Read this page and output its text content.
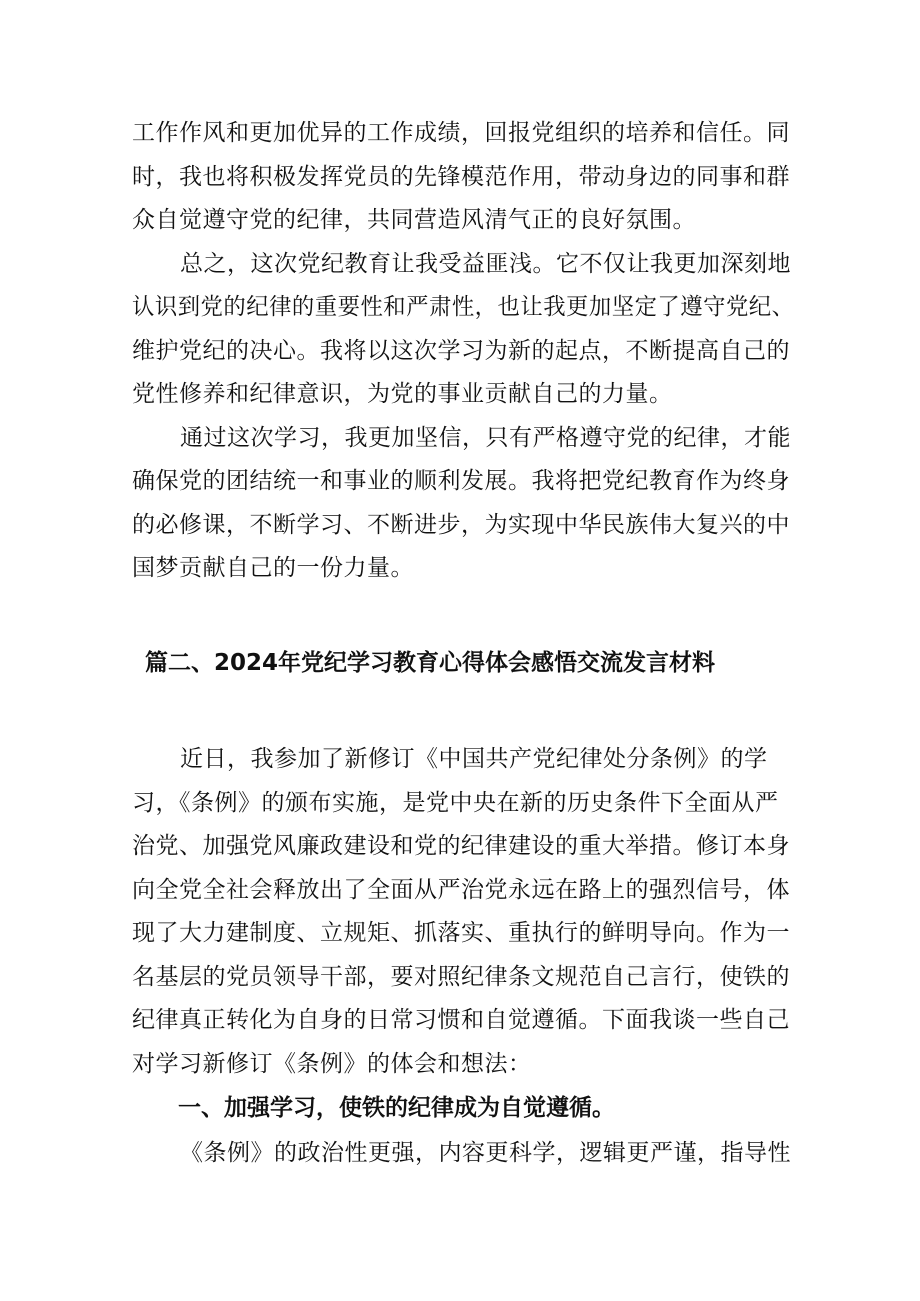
工作作风和更加优异的工作成绩，回报党组织的培养和信任。同
时，我也将积极发挥党员的先锋模范作用，带动身边的同事和群
众自觉遵守党的纪律，共同营造风清气正的良好氛围。
总之，这次党纪教育让我受益匪浅。它不仅让我更加深刻地
认识到党的纪律的重要性和严肃性，也让我更加坚定了遵守党纪、
维护党纪的决心。我将以这次学习为新的起点，不断提高自己的
党性修养和纪律意识，为党的事业贡献自己的力量。
通过这次学习，我更加坚信，只有严格遵守党的纪律，才能
确保党的团结统一和事业的顺利发展。我将把党纪教育作为终身
的必修课，不断学习、不断进步，为实现中华民族伟大复兴的中
国梦贡献自己的一份力量。
篇二、2024年党纪学习教育心得体会感悟交流发言材料
近日，我参加了新修订《中国共产党纪律处分条例》的学
习，《条例》的颁布实施，是党中央在新的历史条件下全面从严
治党、加强党风廉政建设和党的纪律建设的重大举措。修订本身
向全党全社会释放出了全面从严治党永远在路上的强烈信号，体
现了大力建制度、立规矩、抓落实、重执行的鲜明导向。作为一
名基层的党员领导干部，要对照纪律条文规范自己言行，使铁的
纪律真正转化为自身的日常习惯和自觉遵循。下面我谈一些自己
对学习新修订《条例》的体会和想法：
一、加强学习，使铁的纪律成为自觉遵循。
《条例》的政治性更强，内容更科学，逻辑更严谨，指导性
